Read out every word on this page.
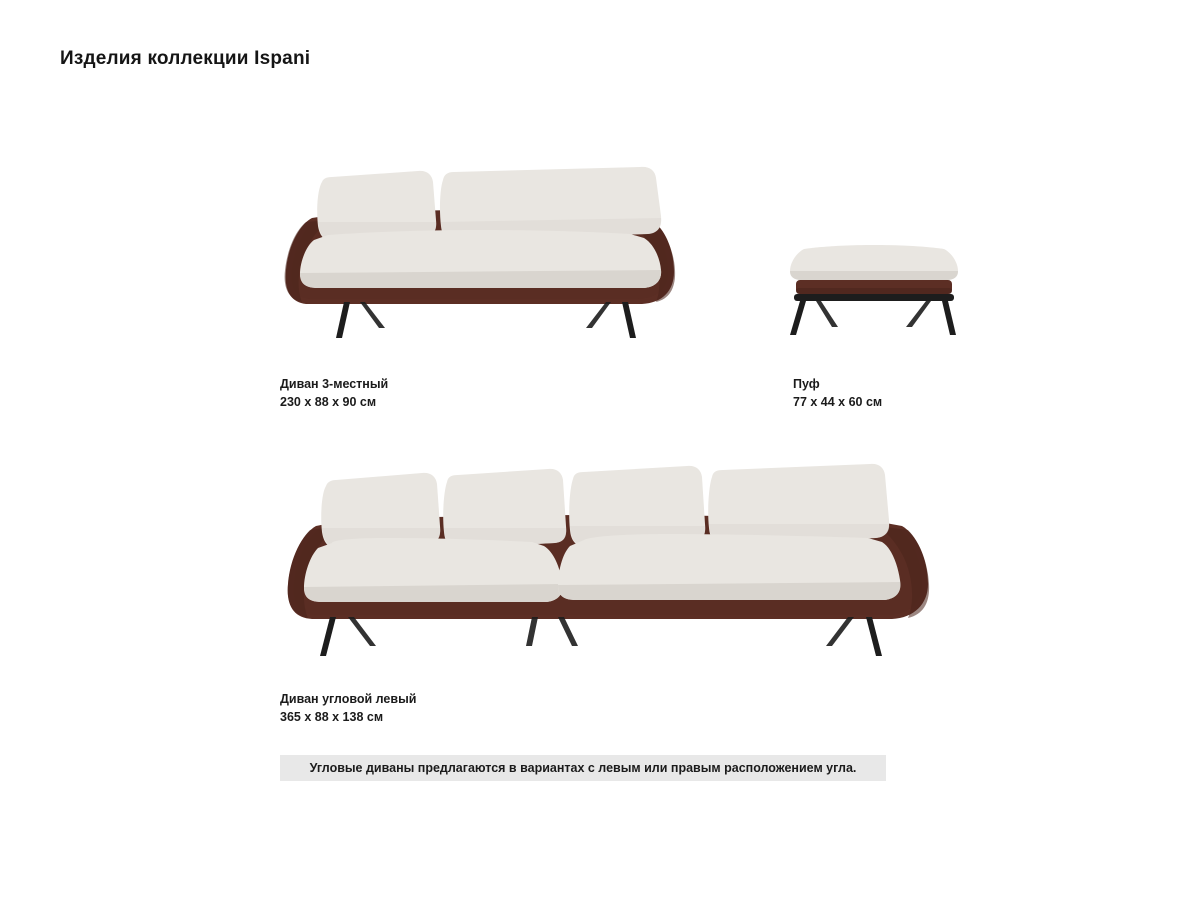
Изделия коллекции Ispani
Диван 3-местный
230 x 88 x 90 см
Пуф
77 x 44 x 60 см
Диван угловой левый
365 x 88 x 138 см
Угловые диваны предлагаются в вариантах с левым или правым расположением угла.
